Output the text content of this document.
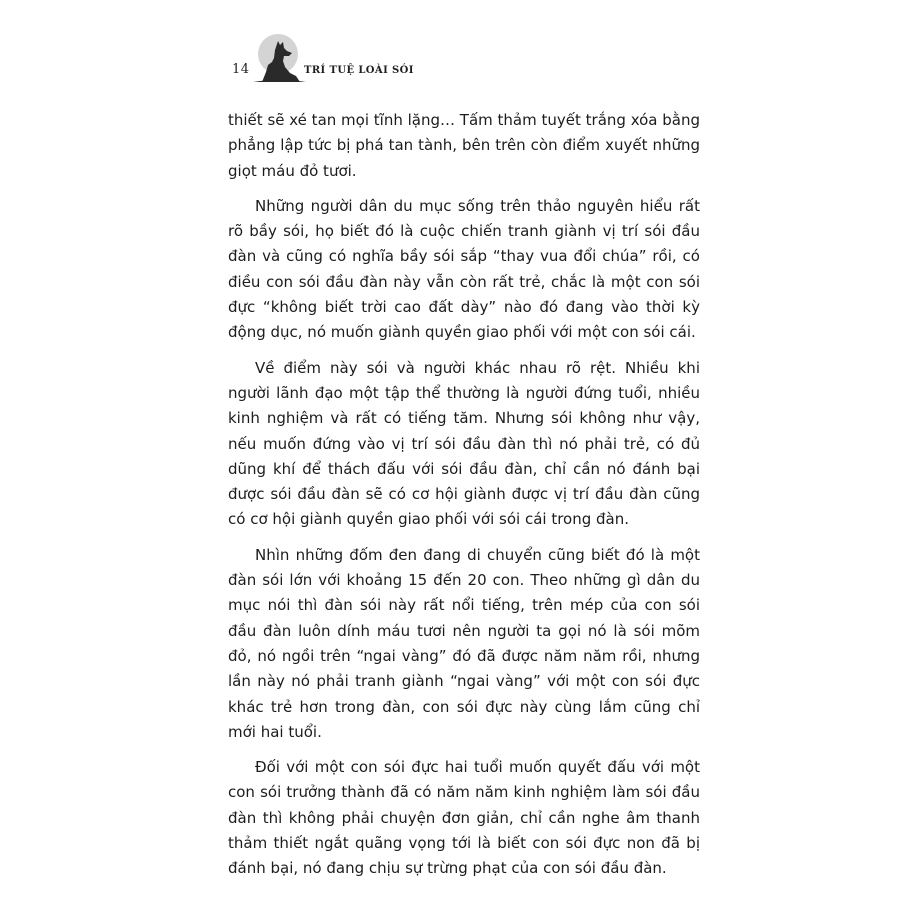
14	TRÍ TUỆ LOÀI SÓI

thiết sẽ xé tan mọi tĩnh lặng… Tấm thảm tuyết trắng xóa bằng phẳng lập tức bị phá tan tành, bên trên còn điểm xuyết những giọt máu đỏ tươi.

Những người dân du mục sống trên thảo nguyên hiểu rất rõ bầy sói, họ biết đó là cuộc chiến tranh giành vị trí sói đầu đàn và cũng có nghĩa bầy sói sắp “thay vua đổi chúa” rồi, có điều con sói đầu đàn này vẫn còn rất trẻ, chắc là một con sói đực “không biết trời cao đất dày” nào đó đang vào thời kỳ động dục, nó muốn giành quyền giao phối với một con sói cái.

Về điểm này sói và người khác nhau rõ rệt. Nhiều khi người lãnh đạo một tập thể thường là người đứng tuổi, nhiều kinh nghiệm và rất có tiếng tăm. Nhưng sói không như vậy, nếu muốn đứng vào vị trí sói đầu đàn thì nó phải trẻ, có đủ dũng khí để thách đấu với sói đầu đàn, chỉ cần nó đánh bại được sói đầu đàn sẽ có cơ hội giành được vị trí đầu đàn cũng có cơ hội giành quyền giao phối với sói cái trong đàn.

Nhìn những đốm đen đang di chuyển cũng biết đó là một đàn sói lớn với khoảng 15 đến 20 con. Theo những gì dân du mục nói thì đàn sói này rất nổi tiếng, trên mép của con sói đầu đàn luôn dính máu tươi nên người ta gọi nó là sói mõm đỏ, nó ngồi trên “ngai vàng” đó đã được năm năm rồi, nhưng lần này nó phải tranh giành “ngai vàng” với một con sói đực khác trẻ hơn trong đàn, con sói đực này cùng lắm cũng chỉ mới hai tuổi.

Đối với một con sói đực hai tuổi muốn quyết đấu với một con sói trưởng thành đã có năm năm kinh nghiệm làm sói đầu đàn thì không phải chuyện đơn giản, chỉ cần nghe âm thanh thảm thiết ngắt quãng vọng tới là biết con sói đực non đã bị đánh bại, nó đang chịu sự trừng phạt của con sói đầu đàn.
